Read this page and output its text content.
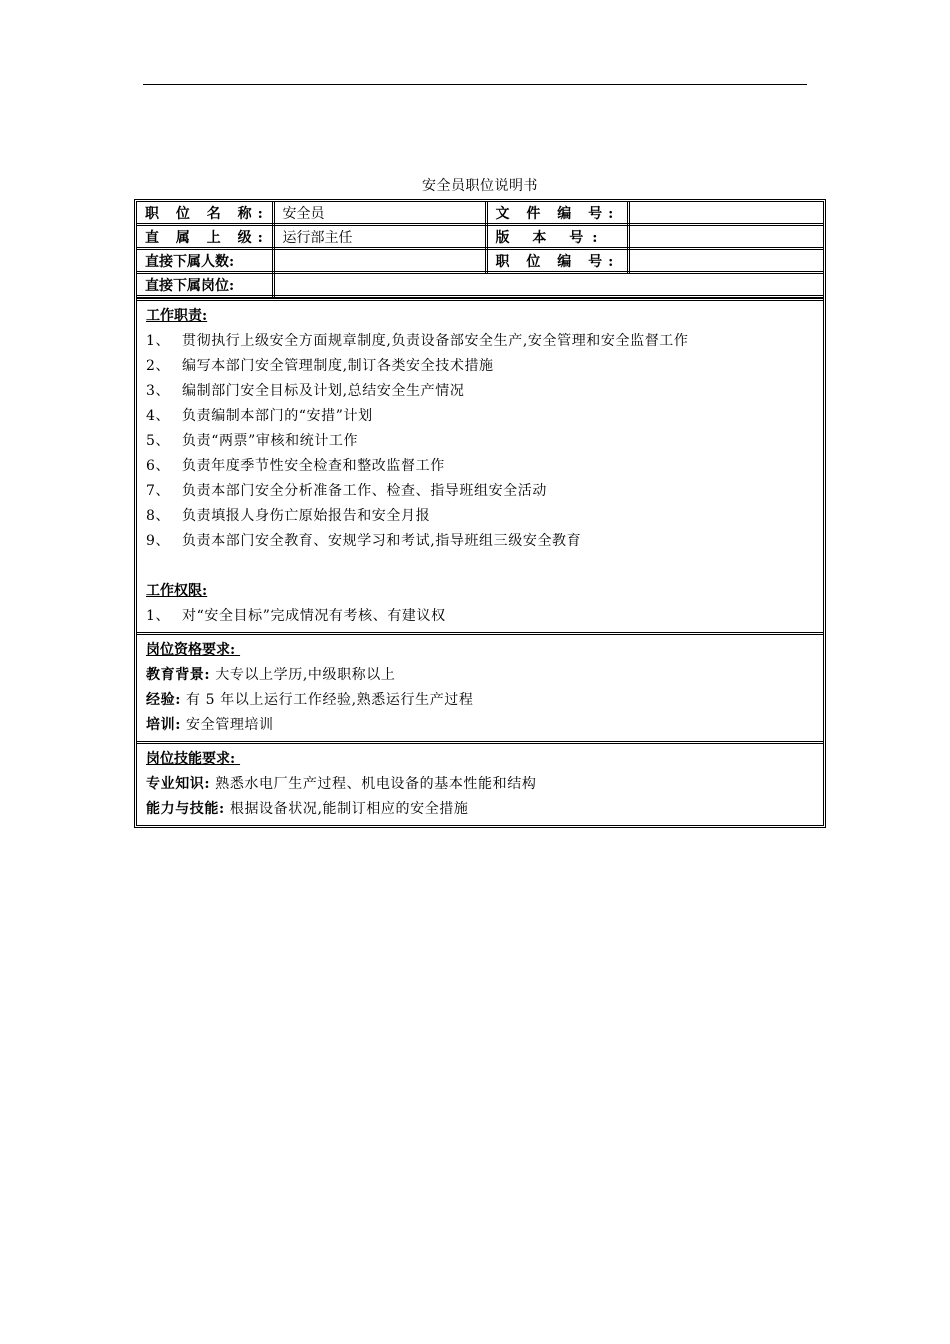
安全员职位说明书
职 位 名 称:	安全员	文 件 编 号:	
直 属 上 级:	运行部主任	版 本 号:	
直接下属人数:		职 位 编 号:	
直接下属岗位:			
工作职责:
1、 贯彻执行上级安全方面规章制度,负责设备部安全生产,安全管理和安全监督工作
2、 编写本部门安全管理制度,制订各类安全技术措施
3、 编制部门安全目标及计划,总结安全生产情况
4、 负责编制本部门的“安措”计划
5、 负责“两票”审核和统计工作
6、 负责年度季节性安全检查和整改监督工作
7、 负责本部门安全分析准备工作、检查、指导班组安全活动
8、 负责填报人身伤亡原始报告和安全月报
9、 负责本部门安全教育、安规学习和考试,指导班组三级安全教育
工作权限:
1、 对“安全目标”完成情况有考核、有建议权
岗位资格要求:
教育背景: 大专以上学历,中级职称以上
经验: 有 5 年以上运行工作经验,熟悉运行生产过程
培训: 安全管理培训
岗位技能要求:
专业知识: 熟悉水电厂生产过程、机电设备的基本性能和结构
能力与技能: 根据设备状况,能制订相应的安全措施
